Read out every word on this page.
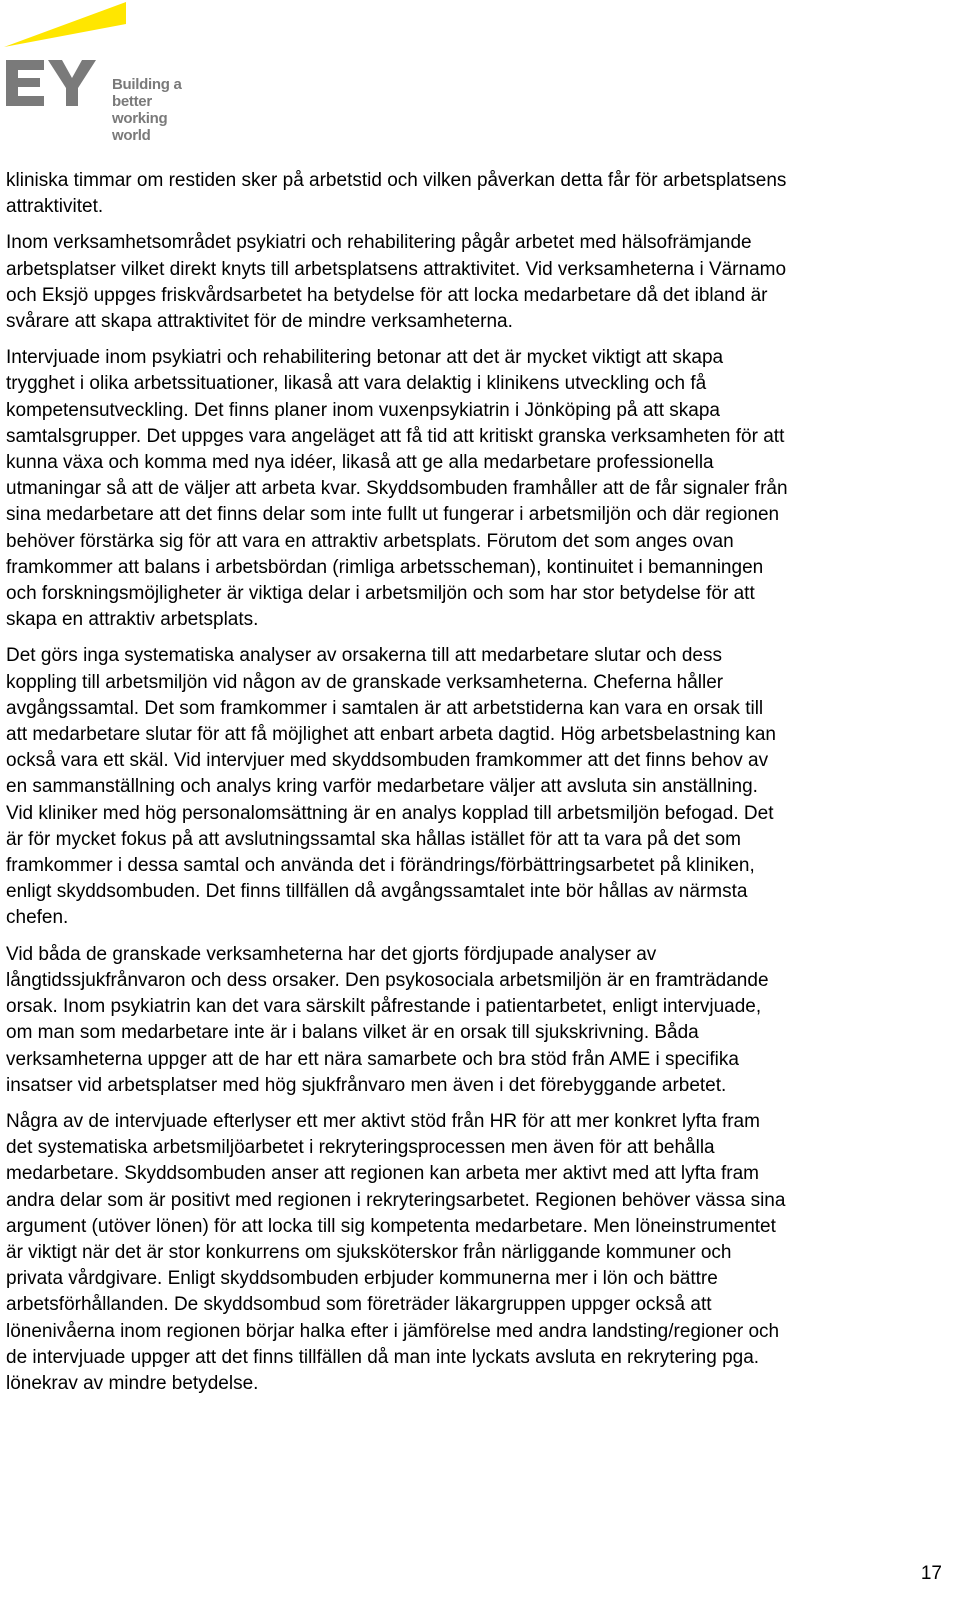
Building a better
working world

kliniska timmar om restiden sker på arbetstid och vilken påverkan detta får för arbetsplatsens
attraktivitet.

Inom verksamhetsområdet psykiatri och rehabilitering pågår arbetet med hälsofrämjande
arbetsplatser vilket direkt knyts till arbetsplatsens attraktivitet. Vid verksamheterna i Värnamo
och Eksjö uppges friskvårdsarbetet ha betydelse för att locka medarbetare då det ibland är
svårare att skapa attraktivitet för de mindre verksamheterna.

Intervjuade inom psykiatri och rehabilitering betonar att det är mycket viktigt att skapa
trygghet i olika arbetssituationer, likaså att vara delaktig i klinikens utveckling och få
kompetensutveckling. Det finns planer inom vuxenpsykiatrin i Jönköping på att skapa
samtalsgrupper. Det uppges vara angeläget att få tid att kritiskt granska verksamheten för att
kunna växa och komma med nya idéer, likaså att ge alla medarbetare professionella
utmaningar så att de väljer att arbeta kvar. Skyddsombuden framhåller att de får signaler från
sina medarbetare att det finns delar som inte fullt ut fungerar i arbetsmiljön och där regionen
behöver förstärka sig för att vara en attraktiv arbetsplats. Förutom det som anges ovan
framkommer att balans i arbetsbördan (rimliga arbetsscheman), kontinuitet i bemanningen
och forskningsmöjligheter är viktiga delar i arbetsmiljön och som har stor betydelse för att
skapa en attraktiv arbetsplats.

Det görs inga systematiska analyser av orsakerna till att medarbetare slutar och dess
koppling till arbetsmiljön vid någon av de granskade verksamheterna. Cheferna håller
avgångssamtal. Det som framkommer i samtalen är att arbetstiderna kan vara en orsak till
att medarbetare slutar för att få möjlighet att enbart arbeta dagtid. Hög arbetsbelastning kan
också vara ett skäl. Vid intervjuer med skyddsombuden framkommer att det finns behov av
en sammanställning och analys kring varför medarbetare väljer att avsluta sin anställning.
Vid kliniker med hög personalomsättning är en analys kopplad till arbetsmiljön befogad. Det
är för mycket fokus på att avslutningssamtal ska hållas istället för att ta vara på det som
framkommer i dessa samtal och använda det i förändrings/förbättringsarbetet på kliniken,
enligt skyddsombuden. Det finns tillfällen då avgångssamtalet inte bör hållas av närmsta
chefen.

Vid båda de granskade verksamheterna har det gjorts fördjupade analyser av
långtidssjukfrånvaron och dess orsaker. Den psykosociala arbetsmiljön är en framträdande
orsak. Inom psykiatrin kan det vara särskilt påfrestande i patientarbetet, enligt intervjuade,
om man som medarbetare inte är i balans vilket är en orsak till sjukskrivning. Båda
verksamheterna uppger att de har ett nära samarbete och bra stöd från AME i specifika
insatser vid arbetsplatser med hög sjukfrånvaro men även i det förebyggande arbetet.

Några av de intervjuade efterlyser ett mer aktivt stöd från HR för att mer konkret lyfta fram
det systematiska arbetsmiljöarbetet i rekryteringsprocessen men även för att behålla
medarbetare. Skyddsombuden anser att regionen kan arbeta mer aktivt med att lyfta fram
andra delar som är positivt med regionen i rekryteringsarbetet. Regionen behöver vässa sina
argument (utöver lönen) för att locka till sig kompetenta medarbetare. Men löneinstrumentet
är viktigt när det är stor konkurrens om sjuksköterskor från närliggande kommuner och
privata vårdgivare. Enligt skyddsombuden erbjuder kommunerna mer i lön och bättre
arbetsförhållanden. De skyddsombud som företräder läkargruppen uppger också att
lönenivåerna inom regionen börjar halka efter i jämförelse med andra landsting/regioner och
de intervjuade uppger att det finns tillfällen då man inte lyckats avsluta en rekrytering pga.
lönekrav av mindre betydelse.

17
